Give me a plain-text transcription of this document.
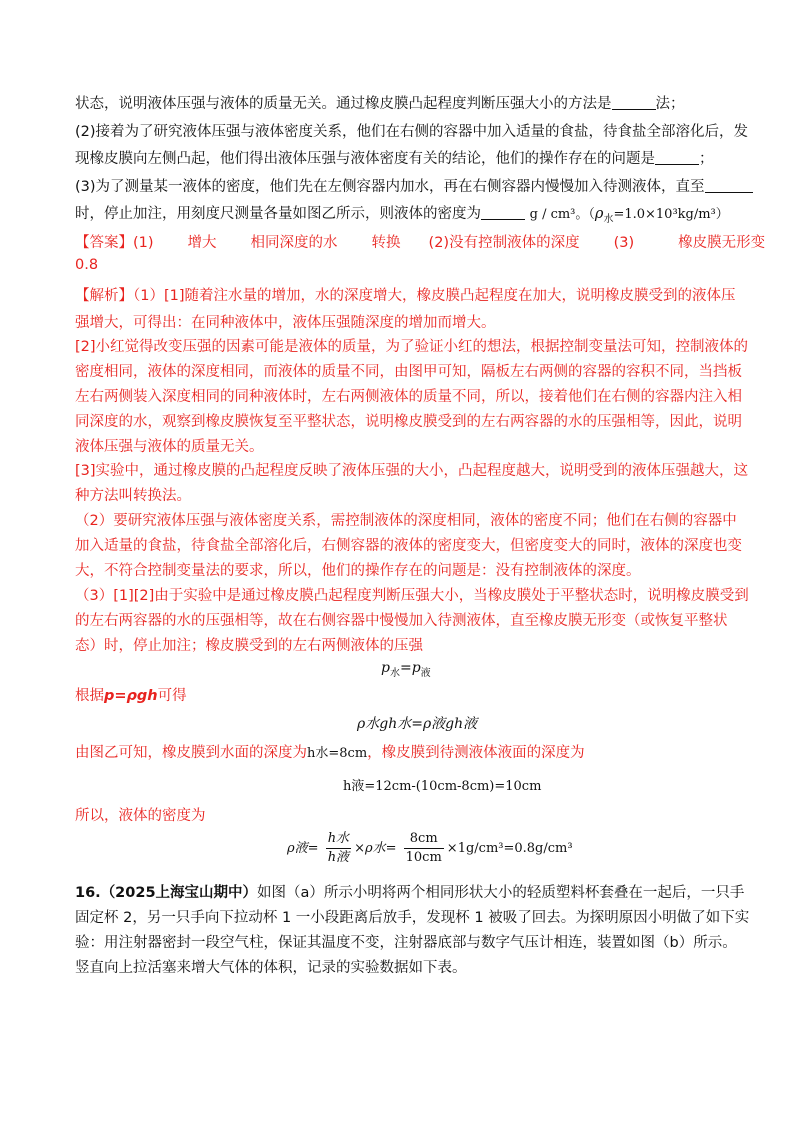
状态，说明液体压强与液体的质量无关。通过橡皮膜凸起程度判断压强大小的方法是	法；
(2)接着为了研究液体压强与液体密度关系，他们在右侧的容器中加入适量的食盐，待食盐全部溶化后，发
现橡皮膜向左侧凸起，他们得出液体压强与液体密度有关的结论，他们的操作存在的问题是	；
(3)为了测量某一液体的密度，他们先在左侧容器内加水，再在右侧容器内慢慢加入待测液体，直至
时，停止加注，用刻度尺测量各量如图乙所示，则液体的密度为	g / cm³。$(\rho_水=1.0\times 10^3kg/m^3)$
【答案】(1) 增大 相同深度的水 转换 (2)没有控制液体的深度 (3)	橡皮膜无形变
0.8
【解析】（1）[1]随着注水量的增加，水的深度增大，橡皮膜凸起程度在加大，说明橡皮膜受到的液体压
强增大，可得出：在同种液体中，液体压强随深度的增加而增大。
[2]小红觉得改变压强的因素可能是液体的质量，为了验证小红的想法，根据控制变量法可知，控制液体的
密度相同，液体的深度相同，而液体的质量不同，由图甲可知，隔板左右两侧的容器的容积不同，当挡板
左右两侧装入深度相同的同种液体时，左右两侧液体的质量不同，所以，接着他们在右侧的容器内注入相
同深度的水，观察到橡皮膜恢复至平整状态，说明橡皮膜受到的左右两容器的水的压强相等，因此，说明
液体压强与液体的质量无关。
[3]实验中，通过橡皮膜的凸起程度反映了液体压强的大小，凸起程度越大，说明受到的液体压强越大，这
种方法叫转换法。
（2）要研究液体压强与液体密度关系，需控制液体的深度相同，液体的密度不同；他们在右侧的容器中
加入适量的食盐，待食盐全部溶化后，右侧容器的液体的密度变大，但密度变大的同时，液体的深度也变
大，不符合控制变量法的要求，所以，他们的操作存在的问题是：没有控制液体的深度。
（3）[1][2]由于实验中是通过橡皮膜凸起程度判断压强大小，当橡皮膜处于平整状态时，说明橡皮膜受到
的左右两容器的水的压强相等，故在右侧容器中慢慢加入待测液体，直至橡皮膜无形变（或恢复平整状
态）时，停止加注；橡皮膜受到的左右两侧液体的压强
$p_水=p_液$
根据p=ρgh可得
ρ水gh水=ρ液gh液
由图乙可知，橡皮膜到水面的深度为h水=8cm，橡皮膜到待测液体液面的深度为
h液=12cm-(10cm-8cm)=10cm
所以，液体的密度为
ρ液= $\frac{\text{h水}}{\text{h液}} \times\rho$水= $\frac{8cm}{10cm} \times 1g/cm^3=0.8g/cm^3$
16.（2025上海宝山期中）如图（a）所示小明将两个相同形状大小的轻质塑料杯套叠在一起后，一只手
固定杯 2，另一只手向下拉动杯 1 一小段距离后放手，发现杯 1 被吸了回去。为探明原因小明做了如下实
验：用注射器密封一段空气柱，保证其温度不变，注射器底部与数字气压计相连，装置如图（b）所示。
竖直向上拉活塞来增大气体的体积，记录的实验数据如下表。
